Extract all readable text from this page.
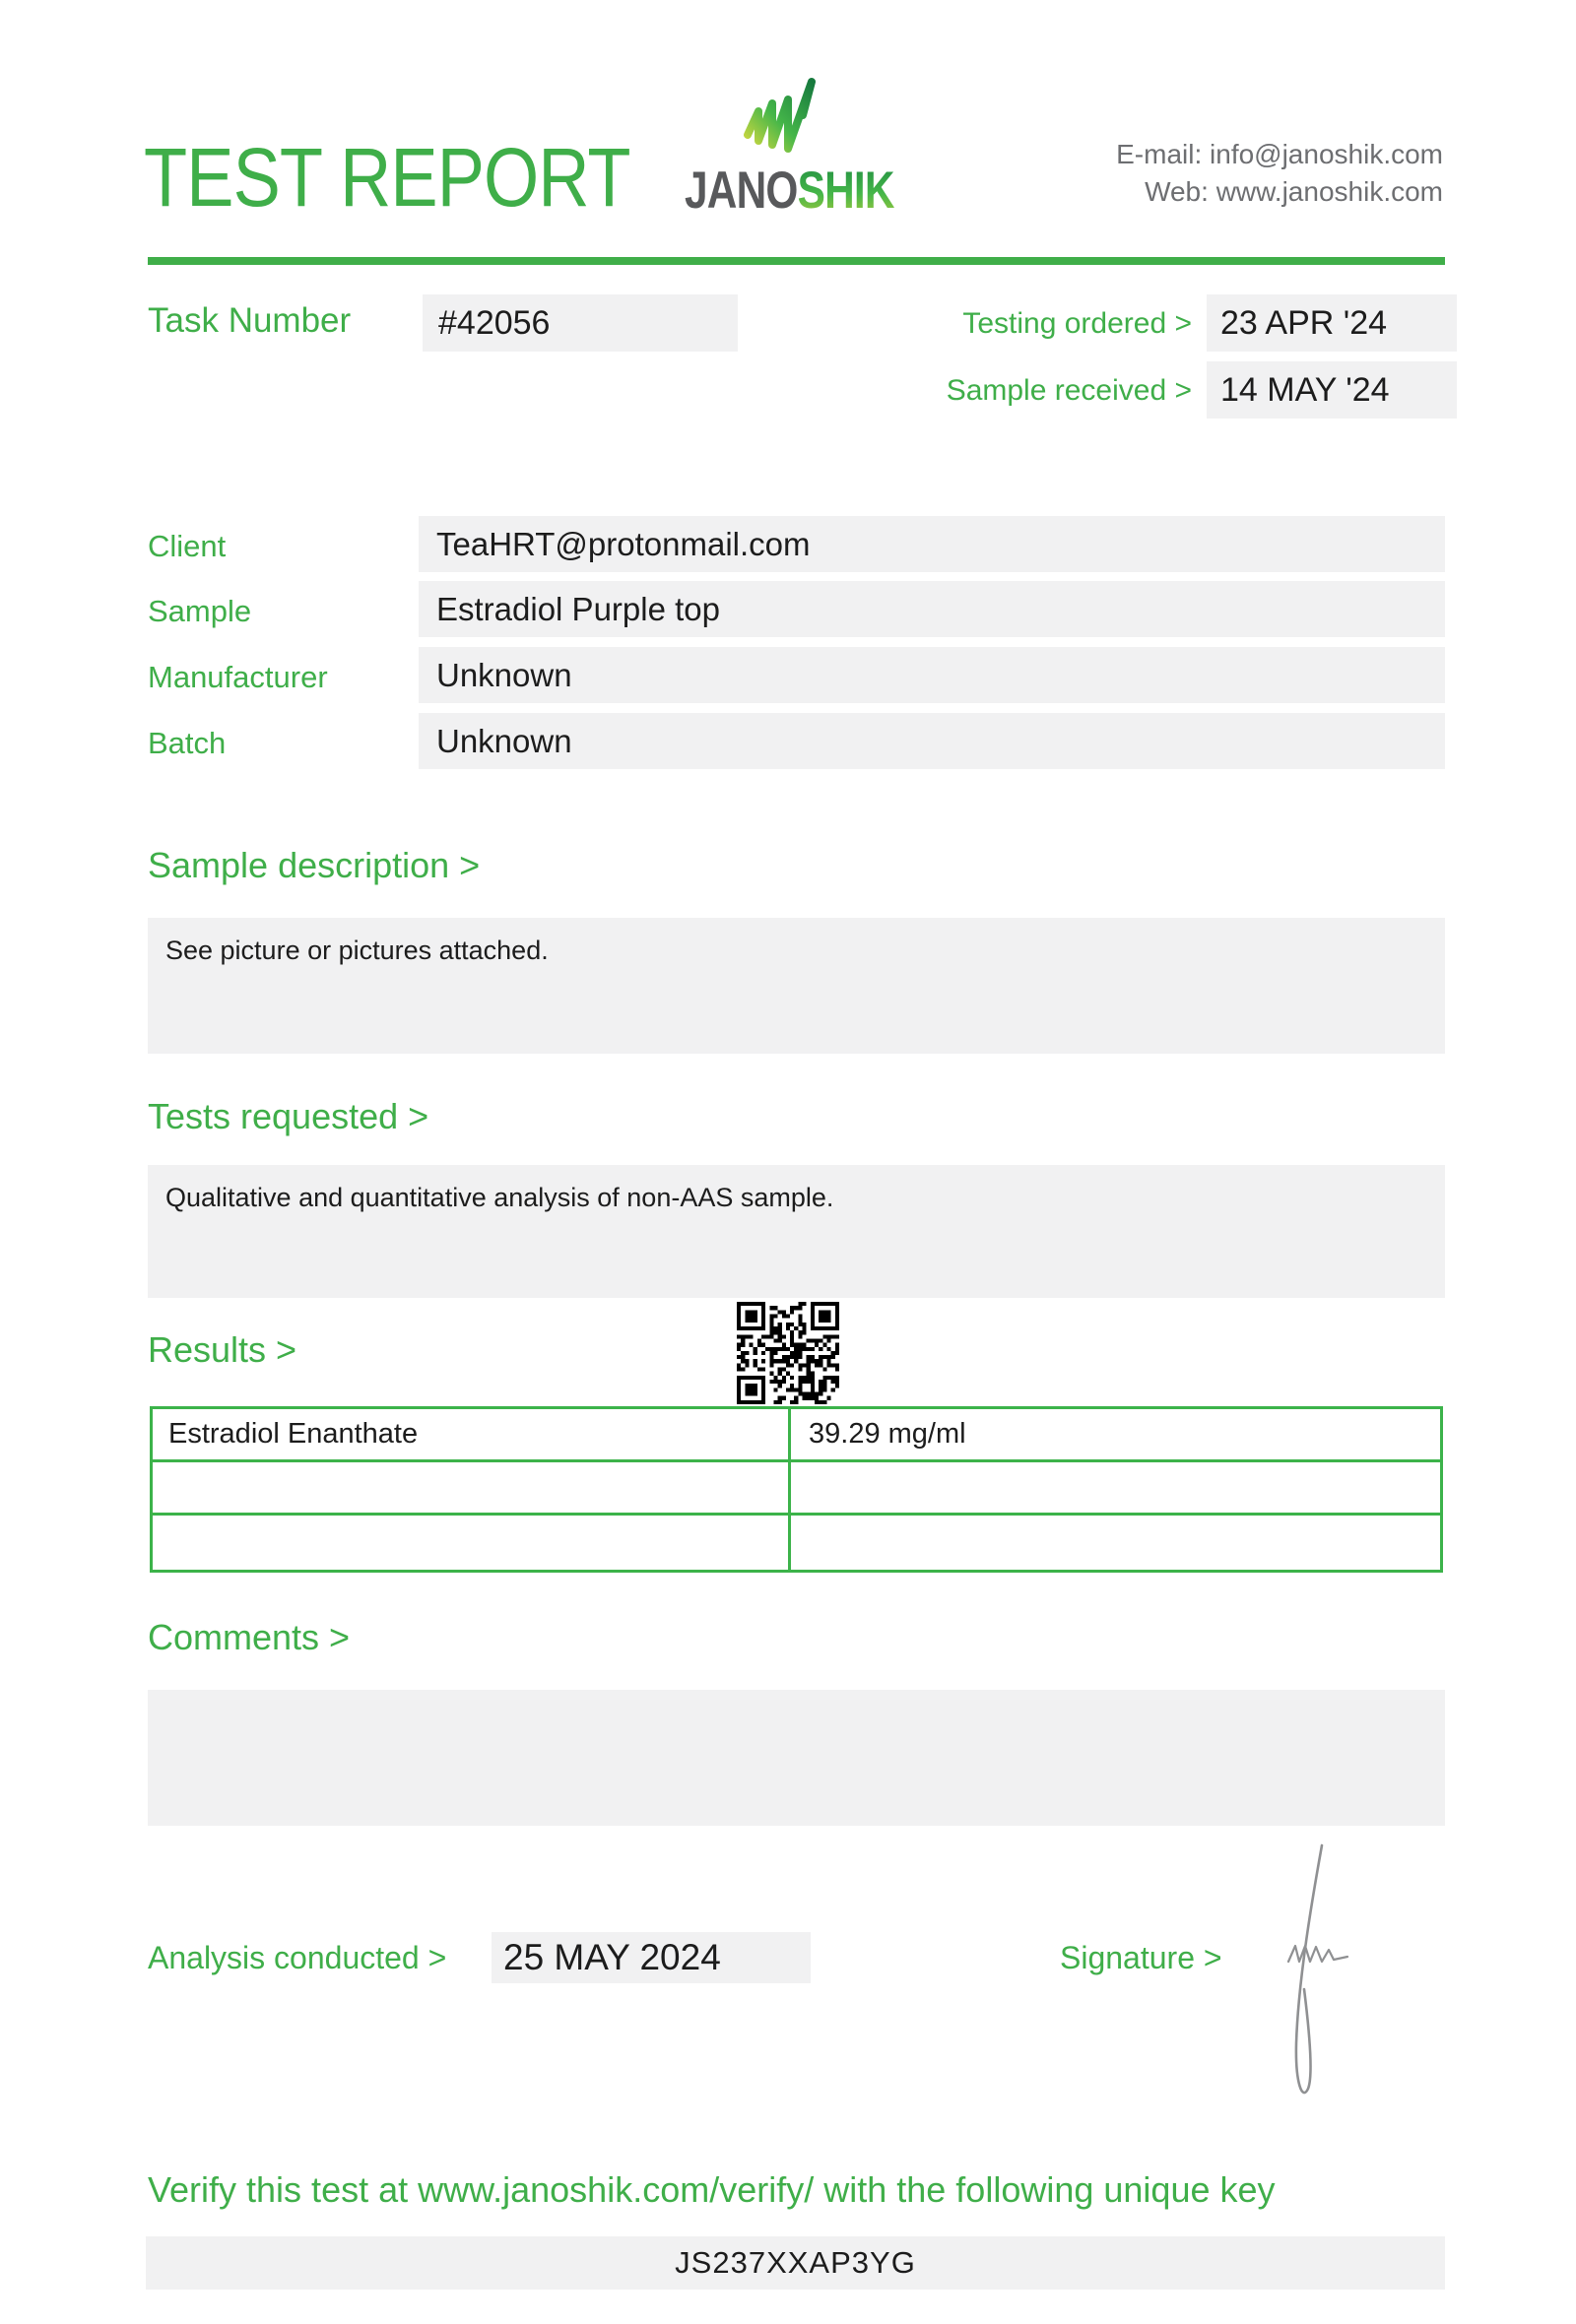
TEST REPORT JANOSHIK
E-mail: info@janoshik.com
Web: www.janoshik.com
Task Number	#42056	Testing ordered > 23 APR '24
Sample received > 14 MAY '24
Client	TeaHRT@protonmail.com
Sample	Estradiol Purple top
Manufacturer	Unknown
Batch	Unknown
Sample description >
See picture or pictures attached.
Tests requested >
Qualitative and quantitative analysis of non-AAS sample.
Results >
Estradiol Enanthate	39.29 mg/ml
Comments >
Analysis conducted >	25 MAY 2024	Signature >
Verify this test at www.janoshik.com/verify/ with the following unique key
JS237XXAP3YG
